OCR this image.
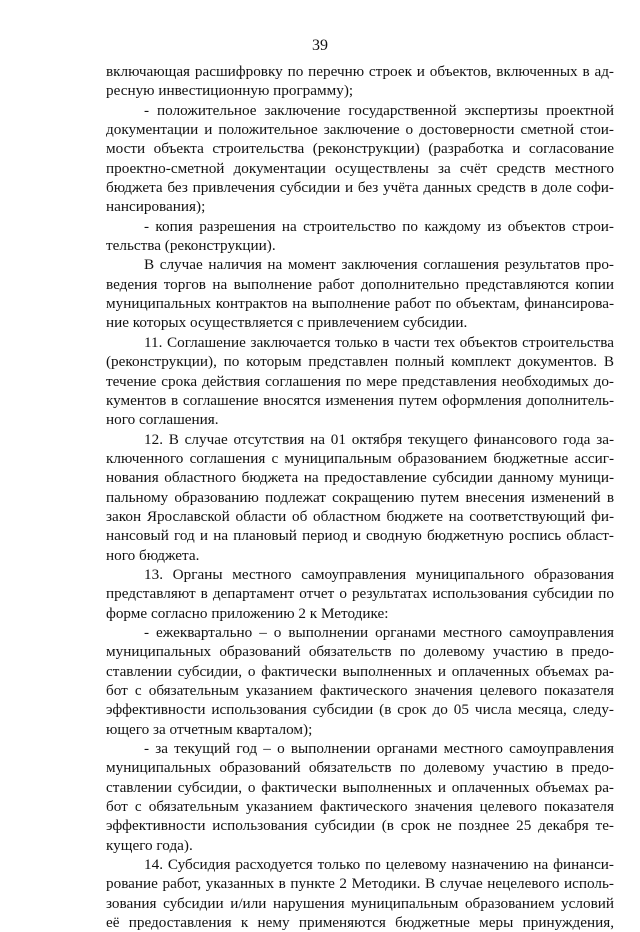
39
включающая расшифровку по перечню строек и объектов, включенных в ад-
ресную инвестиционную программу);
- положительное заключение государственной экспертизы проектной
документации и положительное заключение о достоверности сметной стои-
мости объекта строительства (реконструкции) (разработка и согласование
проектно-сметной документации осуществлены за счёт средств местного
бюджета без привлечения субсидии и без учёта данных средств в доле софи-
нансирования);
- копия разрешения на строительство по каждому из объектов строи-
тельства (реконструкции).
В случае наличия на момент заключения соглашения результатов про-
ведения торгов на выполнение работ дополнительно представляются копии
муниципальных контрактов на выполнение работ по объектам, финансирова-
ние которых осуществляется с привлечением субсидии.
11. Соглашение заключается только в части тех объектов строительства
(реконструкции), по которым представлен полный комплект документов. В
течение срока действия соглашения по мере представления необходимых до-
кументов в соглашение вносятся изменения путем оформления дополнитель-
ного соглашения.
12. В случае отсутствия на 01 октября текущего финансового года за-
ключенного соглашения с муниципальным образованием бюджетные ассиг-
нования областного бюджета на предоставление субсидии данному муници-
пальному образованию подлежат сокращению путем внесения изменений в
закон Ярославской области об областном бюджете на соответствующий фи-
нансовый год и на плановый период и сводную бюджетную роспись област-
ного бюджета.
13. Органы местного самоуправления муниципального образования
представляют в департамент отчет о результатах использования субсидии по
форме согласно приложению 2 к Методике:
- ежеквартально – о выполнении органами местного самоуправления
муниципальных образований обязательств по долевому участию в предо-
ставлении субсидии, о фактически выполненных и оплаченных объемах ра-
бот с обязательным указанием фактического значения целевого показателя
эффективности использования субсидии (в срок до 05 числа месяца, следу-
ющего за отчетным кварталом);
- за текущий год – о выполнении органами местного самоуправления
муниципальных образований обязательств по долевому участию в предо-
ставлении субсидии, о фактически выполненных и оплаченных объемах ра-
бот с обязательным указанием фактического значения целевого показателя
эффективности использования субсидии (в срок не позднее 25 декабря те-
кущего года).
14. Субсидия расходуется только по целевому назначению на финанси-
рование работ, указанных в пункте 2 Методики. В случае нецелевого исполь-
зования субсидии и/или нарушения муниципальным образованием условий
её предоставления к нему применяются бюджетные меры принуждения,
